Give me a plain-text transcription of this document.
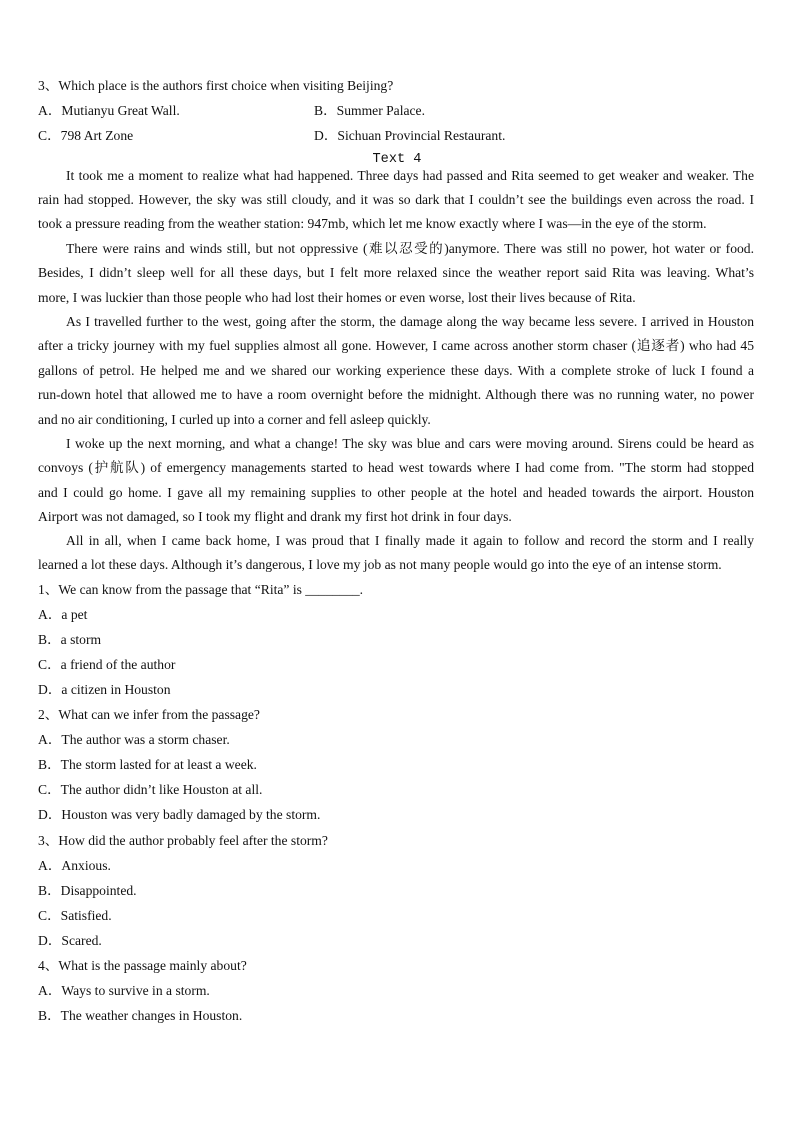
3、Which place is the authors first choice when visiting Beijing?
A．Mutianyu Great Wall.	B．Summer Palace.
C．798 Art Zone	D．Sichuan Provincial Restaurant.
Text 4
It took me a moment to realize what had happened. Three days had passed and Rita seemed to get weaker and weaker. The
rain had stopped. However, the sky was still cloudy, and it was so dark that I couldn’t see the buildings even across the road. I
took a pressure reading from the weather station: 947mb, which let me know exactly where I was—in the eye of the storm.
There were rains and winds still, but not oppressive (难以忍受的)anymore. There was still no power, hot water or food.
Besides, I didn’t sleep well for all these days, but I felt more relaxed since the weather report said Rita was leaving. What’s
more, I was luckier than those people who had lost their homes or even worse, lost their lives because of Rita.
As I travelled further to the west, going after the storm, the damage along the way became less severe. I arrived in Houston
after a tricky journey with my fuel supplies almost all gone. However, I came across another storm chaser (追逐者) who had 45
gallons of petrol. He helped me and we shared our working experience these days. With a complete stroke of luck I found a
run-down hotel that allowed me to have a room overnight before the midnight. Although there was no running water, no power
and no air conditioning, I curled up into a corner and fell asleep quickly.
I woke up the next morning, and what a change! The sky was blue and cars were moving around. Sirens could be heard as
convoys (护航队) of emergency managements started to head west towards where I had come from. "The storm had stopped
and I could go home. I gave all my remaining supplies to other people at the hotel and headed towards the airport. Houston
Airport was not damaged, so I took my flight and drank my first hot drink in four days.
All in all, when I came back home, I was proud that I finally made it again to follow and record the storm and I really
learned a lot these days. Although it’s dangerous, I love my job as not many people would go into the eye of an intense storm.
1、We can know from the passage that “Rita” is ________.
A．a pet
B．a storm
C．a friend of the author
D．a citizen in Houston
2、What can we infer from the passage?
A．The author was a storm chaser.
B．The storm lasted for at least a week.
C．The author didn’t like Houston at all.
D．Houston was very badly damaged by the storm.
3、How did the author probably feel after the storm?
A．Anxious.
B．Disappointed.
C．Satisfied.
D．Scared.
4、What is the passage mainly about?
A．Ways to survive in a storm.
B．The weather changes in Houston.
